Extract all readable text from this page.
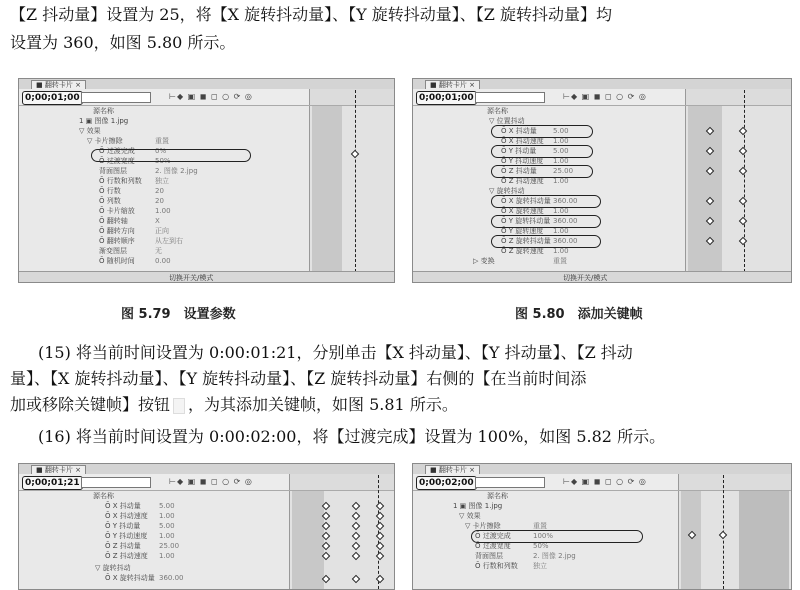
【Z 抖动量】设置为 25，将【X 旋转抖动量】、【Y 旋转抖动量】、【Z 旋转抖动量】均

设置为 360，如图 5.80 所示。

■ 翻转卡片 ×
0;00;01;00	⊢◆ ▣ ◼ ◻ ○ ⟳ ◎
源名称
1 ▣ 图像 1.jpg
▽ 效果
▽ 卡片擦除	重置
Ō 过渡完成	0%
Ō 过渡宽度	50%
背面图层	2. 图像 2.jpg
Ō 行数和列数 独立
Ō 行数	20
Ō 列数	20
Ō 卡片缩放	1.00
Ō 翻转轴	X
Ō 翻转方向	正向
Ō 翻转顺序	从左到右
渐变图层	无
Ō 随机时间	0.00
切换开关/模式
图 5.79　设置参数
■ 翻转卡片 ×
0;00;01;00	⊢◆ ▣ ◼ ◻ ○ ⟳ ◎
源名称
▽ 位置抖动
Ō X 抖动量 5.00
Ō X 抖动速度 1.00
Ō Y 抖动量 5.00
Ō Y 抖动速度 1.00
Ō Z 抖动量 25.00
Ō Z 抖动速度 1.00
▽ 旋转抖动
Ō X 旋转抖动量 360.00
Ō X 旋转速度 1.00
Ō Y 旋转抖动量 360.00
Ō Y 旋转速度 1.00
Ō Z 旋转抖动量 360.00
Ō Z 旋转速度 1.00
▷ 变换	重置
切换开关/模式
图 5.80　添加关键帧

(15) 将当前时间设置为 0:00:01:21，分别单击【X 抖动量】、【Y 抖动量】、【Z 抖动

量】、【X 旋转抖动量】、【Y 旋转抖动量】、【Z 旋转抖动量】右侧的【在当前时间添

加或移除关键帧】按钮 ，为其添加关键帧，如图 5.81 所示。

(16) 将当前时间设置为 0:00:02:00，将【过渡完成】设置为 100%，如图 5.82 所示。

■ 翻转卡片 ×
0;00;01;21	⊢◆ ▣ ◼ ◻ ○ ⟳ ◎
源名称
Ō X 抖动量	5.00
Ō X 抖动速度 1.00
Ō Y 抖动量	5.00
Ō Y 抖动速度 1.00
Ō Z 抖动量	25.00
Ō Z 抖动速度 1.00
▽ 旋转抖动
Ō X 旋转抖动量 360.00
■ 翻转卡片 ×
0;00;02;00	⊢◆ ▣ ◼ ◻ ○ ⟳ ◎
源名称
1 ▣ 图像 1.jpg
▽ 效果
▽ 卡片擦除	重置
Ō 过渡完成	100%
Ō 过渡宽度	50%
背面图层	2. 图像 2.jpg
Ō 行数和列数 独立
